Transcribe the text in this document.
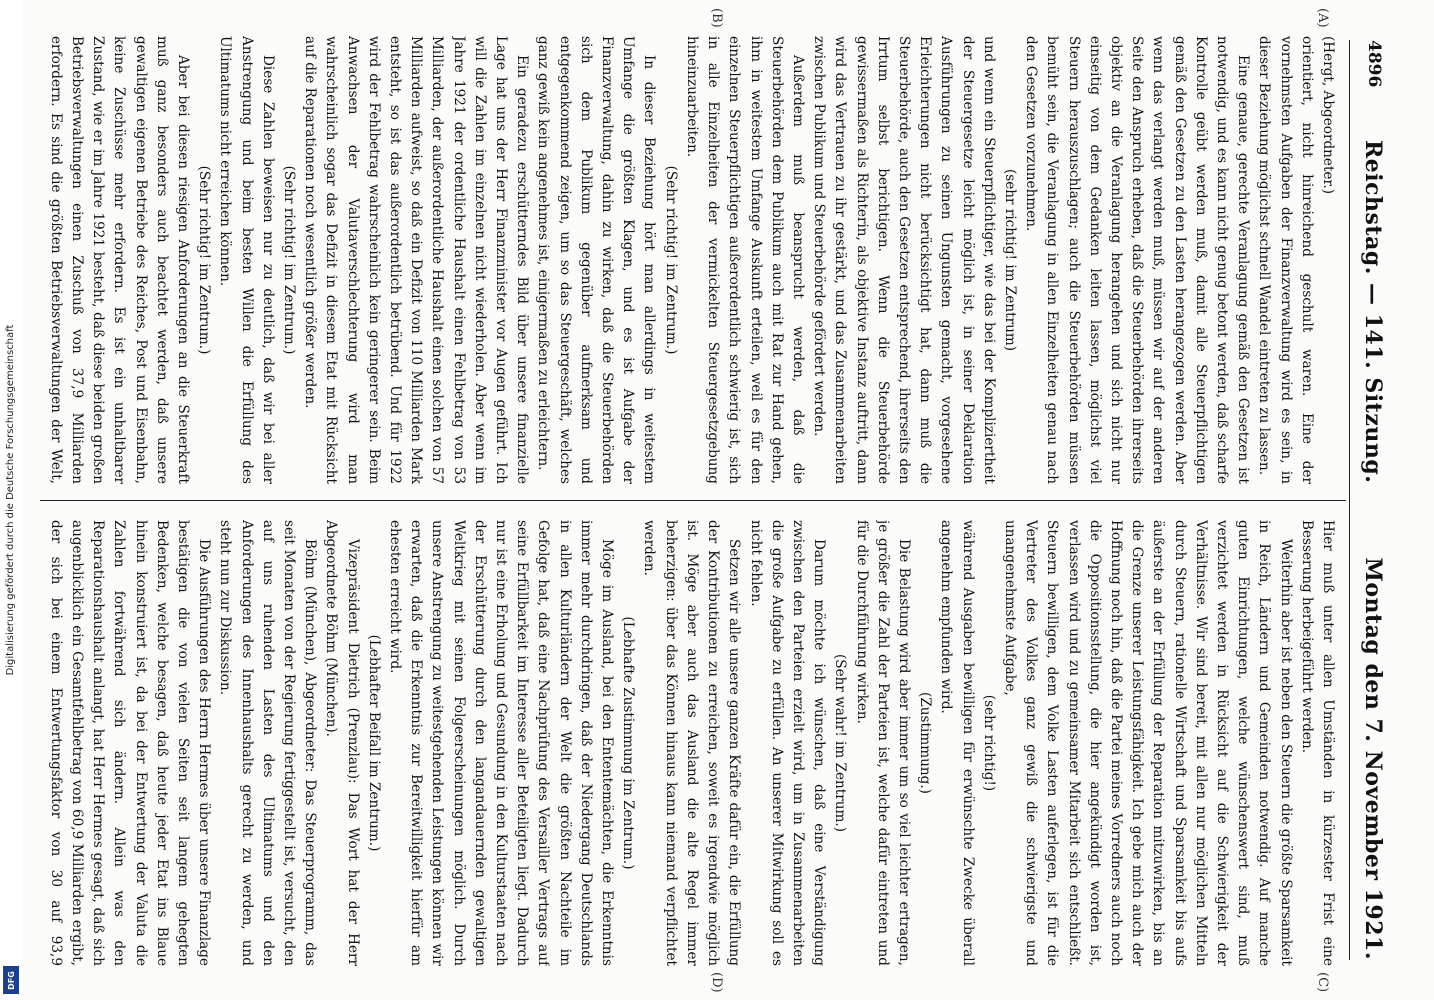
4896
Reichstag. — 141. Sitzung.
Montag den 7. November 1921.
(A)
(B)
(C)
(D)

(Hergt, Abgeordneter.)

orientiert, nicht hinreichend geschult waren. Eine der vornehmsten Aufgaben der Finanzverwaltung wird es sein, in dieser Beziehung möglichst schnell Wandel eintreten zu lassen.

Eine genaue, gerechte Veranlagung gemäß den Gesetzen ist notwendig, und es kann nicht genug betont werden, daß scharfe Kontrolle geübt werden muß, damit alle Steuerpflichtigen gemäß den Gesetzen zu den Lasten herangezogen werden. Aber wenn das verlangt werden muß, müssen wir auf der anderen Seite den Anspruch erheben, daß die Steuerbehörden ihrerseits objektiv an die Veranlagung herangehen und sich nicht nur einseitig von dem Gedanken leiten lassen, möglichst viel Steuern herauszuschlagen; auch die Steuerbehörden müssen bemüht sein, die Veranlagung in allen Einzelheiten genau nach den Gesetzen vorzunehmen.

(sehr richtig! im Zentrum)

und wenn ein Steuerpflichtiger, wie das bei der Kompliziertheit der Steuergesetze leicht möglich ist, in seiner Deklaration Ausführungen zu seinen Ungunsten gemacht, vorgesehene Erleichterungen nicht berücksichtigt hat, dann muß die Steuerbehörde, auch den Gesetzen entsprechend, ihrerseits den Irrtum selbst berichtigen. Wenn die Steuerbehörde gewissermaßen als Richterin, als objektive Instanz auftritt, dann wird das Vertrauen zu ihr gestärkt, und das Zusammenarbeiten zwischen Publikum und Steuerbehörde gefördert werden.

Außerdem muß beansprucht werden, daß die Steuerbehörden dem Publikum auch mit Rat zur Hand gehen, ihm in weitestem Umfange Auskunft erteilen, weil es für den einzelnen Steuerpflichtigen außerordentlich schwierig ist, sich in alle Einzelheiten der vermickelten Steuergesetzgebung hineinzuarbeiten.

(Sehr richtig! im Zentrum.)

In dieser Beziehung hört man allerdings in weitestem Umfange die größten Klagen, und es ist Aufgabe der Finanzverwaltung, dahin zu wirken, daß die Steuerbehörden sich dem Publikum gegenüber aufmerksam und entgegenkommend zeigen, um so das Steuergeschäft, welches ganz gewiß kein angenehmes ist, einigermaßen zu erleichtern.

Ein geradezu erschütterndes Bild über unsere finanzielle Lage hat uns der Herr Finanzminister vor Augen geführt. Ich will die Zahlen im einzelnen nicht wiederholen. Aber wenn im Jahre 1921 der ordentliche Haushalt einen Fehlbetrag von 53 Milliarden, der außerordentliche Haushalt einen solchen von 57 Milliarden aufweist, so daß ein Defizit von 110 Milliarden Mark entsteht, so ist das außerordentlich betrübend. Und für 1922 wird der Fehlbetrag wahrscheinlich kein geringerer sein. Beim Anwachsen der Valutaverschlechterung wird man wahrscheinlich sogar das Defizit in diesem Etat mit Rücksicht auf die Reparationen noch wesentlich größer werden.

(Sehr richtig! im Zentrum.)

Diese Zahlen beweisen nur zu deutlich, daß wir bei aller Anstrengung und beim besten Willen die Erfüllung des Ultimatums nicht erreichen können.

(Sehr richtig! im Zentrum.)

Aber bei diesen riesigen Anforderungen an die Steuerkraft muß ganz besonders auch beachtet werden, daß unsere gewaltigen eigenen Betriebe des Reiches, Post und Eisenbahn, keine Zuschüsse mehr erfordern. Es ist ein unhaltbarer Zustand, wie er im Jahre 1921 besteht, daß diese beiden großen Betriebsverwaltungen einen Zuschuß von 37,9 Milliarden erfordern. Es sind die größten Betriebsverwaltungen der Welt,

Hier muß unter allen Umständen in kürzester Frist eine Besserung herbeigeführt werden.

Weiterhin aber ist neben den Steuern die größte Sparsamkeit in Reich, Ländern und Gemeinden notwendig. Auf manche guten Einrichtungen, welche wünschenswert sind, muß verzichtet werden in Rücksicht auf die Schwierigkeit der Verhältnisse. Wir sind bereit, mit allen nur möglichen Mitteln durch Steuern, rationelle Wirtschaft und Sparsamkeit bis aufs äußerste an der Erfüllung der Reparation mitzuwirken, bis an die Grenze unserer Leistungsfähigkeit. Ich gebe mich auch der Hoffnung noch hin, daß die Partei meines Vorredners auch noch die Oppositionsstellung, die hier angekündigt worden ist, verlassen wird und zu gemeinsamer Mitarbeit sich entschließt. Steuern bewilligen, dem Volke Lasten auferlegen, ist für die Vertreter des Volkes ganz gewiß die schwierigste und unangenehmste Aufgabe,

(sehr richtig!)

während Ausgaben bewilligen für erwünschte Zwecke überall angenehm empfunden wird.

(Zustimmung.)

Die Belastung wird aber immer um so viel leichter ertragen, je größer die Zahl der Parteien ist, welche dafür eintreten und für die Durchführung wirken.

(Sehr wahr! im Zentrum.)

Darum möchte ich wünschen, daß eine Verständigung zwischen den Parteien erzielt wird, um in Zusammenarbeiten die große Aufgabe zu erfüllen. An unserer Mitwirkung soll es nicht fehlen.

Setzen wir alle unsere ganzen Kräfte dafür ein, die Erfüllung der Kontributionen zu erreichen, soweit es irgendwie möglich ist. Möge aber auch das Ausland die alte Regel immer beherzigen: über das Können hinaus kann niemand verpflichtet werden.

(Lebhafte Zustimmung im Zentrum.)

Möge im Ausland, bei den Ententemächten, die Erkenntnis immer mehr durchdringen, daß der Niedergang Deutschlands in allen Kulturländern der Welt die größten Nachteile im Gefolge hat, daß eine Nachprüfung des Versailler Vertrags auf seine Erfüllbarkeit im Interesse aller Beteiligten liegt. Dadurch nur ist eine Erholung und Gesundung in den Kulturstaaten nach der Erschütterung durch den langandauernden gewaltigen Weltkrieg mit seinen Folgeerscheinungen möglich. Durch unsere Anstrengung zu weitestgehenden Leistungen können wir erwarten, daß die Erkenntnis zur Bereitwilligkeit hierfür am ehesten erreicht wird.

(Lebhafter Beifall im Zentrum.)

Vizepräsident Dietrich (Prenzlau): Das Wort hat der Herr Abgeordnete Böhm (München).

Böhm (München), Abgeordneter: Das Steuerprogramm, das seit Monaten von der Regierung fertiggestellt ist, versucht, den auf uns ruhenden Lasten des Ultimatums und den Anforderungen des Innenhaushalts gerecht zu werden, und steht nun zur Diskussion.

Die Ausführungen des Herrn Hermes über unsere Finanzlage bestätigen die von vielen Seiten seit langem gehegten Bedenken, welche besagen, daß heute jeder Etat ins Blaue hinein konstruiert ist, da bei der Entwertung der Valuta die Zahlen fortwährend sich ändern. Allein was den Reparationshaushalt anlangt, hat Herr Hermes gesagt, daß sich augenblicklich ein Gesamtfehlbetrag von 60,9 Milliarden ergibt, der sich bei einem Entwertungsfaktor von 30 auf 93,9

Digitalisierung gefördert durch die Deutsche Forschungsgemeinschaft
DFG
